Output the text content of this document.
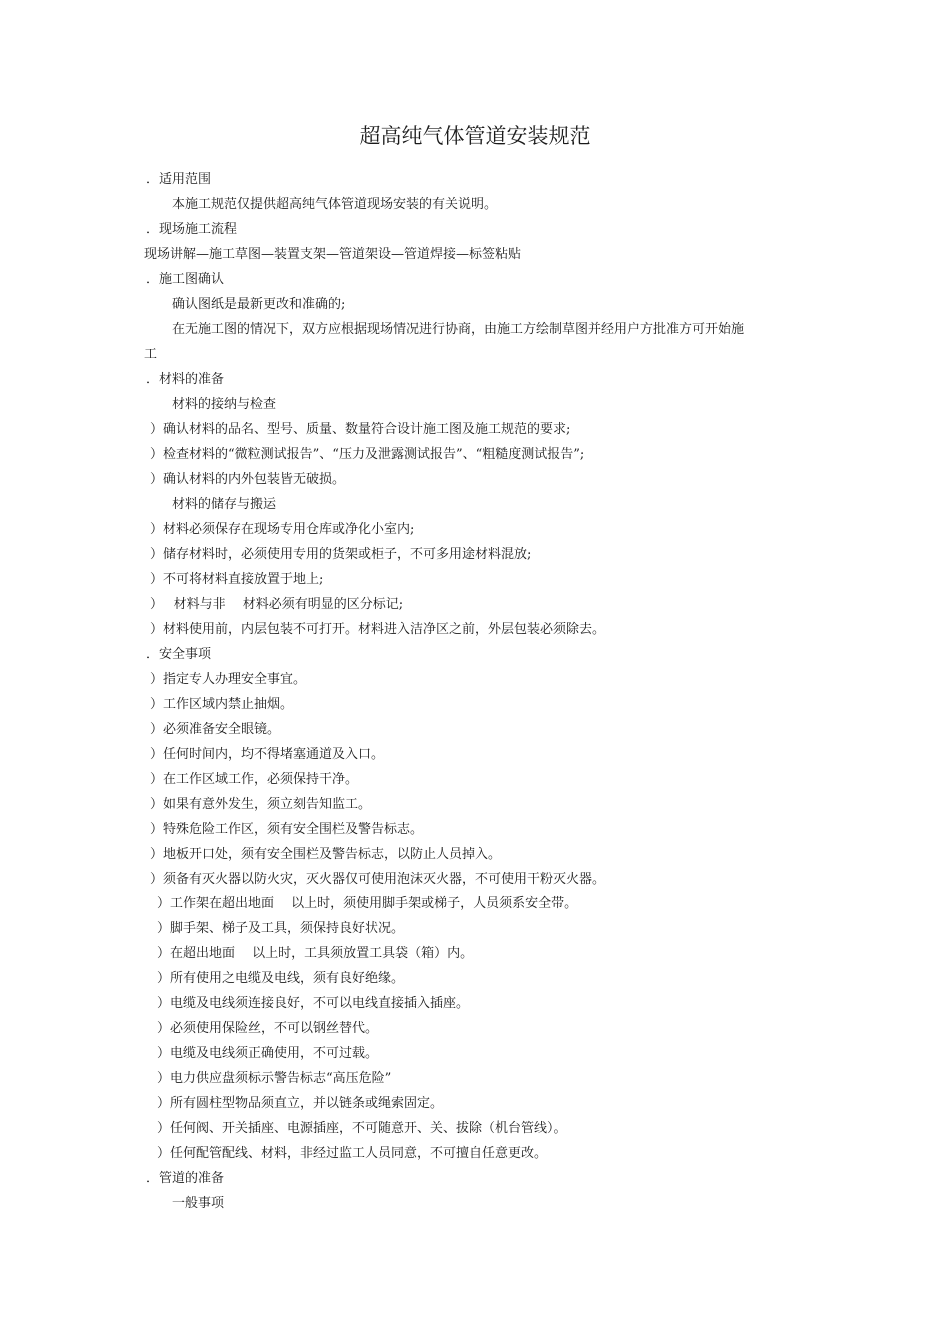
超高纯气体管道安装规范
．适用范围
本施工规范仅提供超高纯气体管道现场安装的有关说明。
．现场施工流程
现场讲解—施工草图—装置支架—管道架设—管道焊接—标签粘贴
．施工图确认
确认图纸是最新更改和准确的;
在无施工图的情况下，双方应根据现场情况进行协商，由施工方绘制草图并经用户方批准方可开始施
工
．材料的准备
材料的接纳与检查
）确认材料的品名、型号、质量、数量符合设计施工图及施工规范的要求;
）检查材料的“微粒测试报告”、“压力及泄露测试报告”、“粗糙度测试报告”;
）确认材料的内外包装皆无破损。
材料的储存与搬运
）材料必须保存在现场专用仓库或净化小室内;
）储存材料时，必须使用专用的货架或柜子，不可多用途材料混放;
）不可将材料直接放置于地上;
）　 材料与非　 材料必须有明显的区分标记;
）材料使用前，内层包装不可打开。材料进入洁净区之前，外层包装必须除去。
．安全事项
）指定专人办理安全事宜。
）工作区域内禁止抽烟。
）必须准备安全眼镜。
）任何时间内，均不得堵塞通道及入口。
）在工作区域工作，必须保持干净。
）如果有意外发生，须立刻告知监工。
）特殊危险工作区，须有安全围栏及警告标志。
）地板开口处，须有安全围栏及警告标志，以防止人员掉入。
）须备有灭火器以防火灾，灭火器仅可使用泡沫灭火器，不可使用干粉灭火器。
）工作架在超出地面　 以上时，须使用脚手架或梯子，人员须系安全带。
）脚手架、梯子及工具，须保持良好状况。
）在超出地面　 以上时，工具须放置工具袋（箱）内。
）所有使用之电缆及电线，须有良好绝缘。
）电缆及电线须连接良好，不可以电线直接插入插座。
）必须使用保险丝，不可以钢丝替代。
）电缆及电线须正确使用，不可过载。
）电力供应盘须标示警告标志“高压危险”
）所有圆柱型物品须直立，并以链条或绳索固定。
）任何阀、开关插座、电源插座，不可随意开、关、拔除（机台管线）。
）任何配管配线、材料，非经过监工人员同意，不可擅自任意更改。
．管道的准备
一般事项
